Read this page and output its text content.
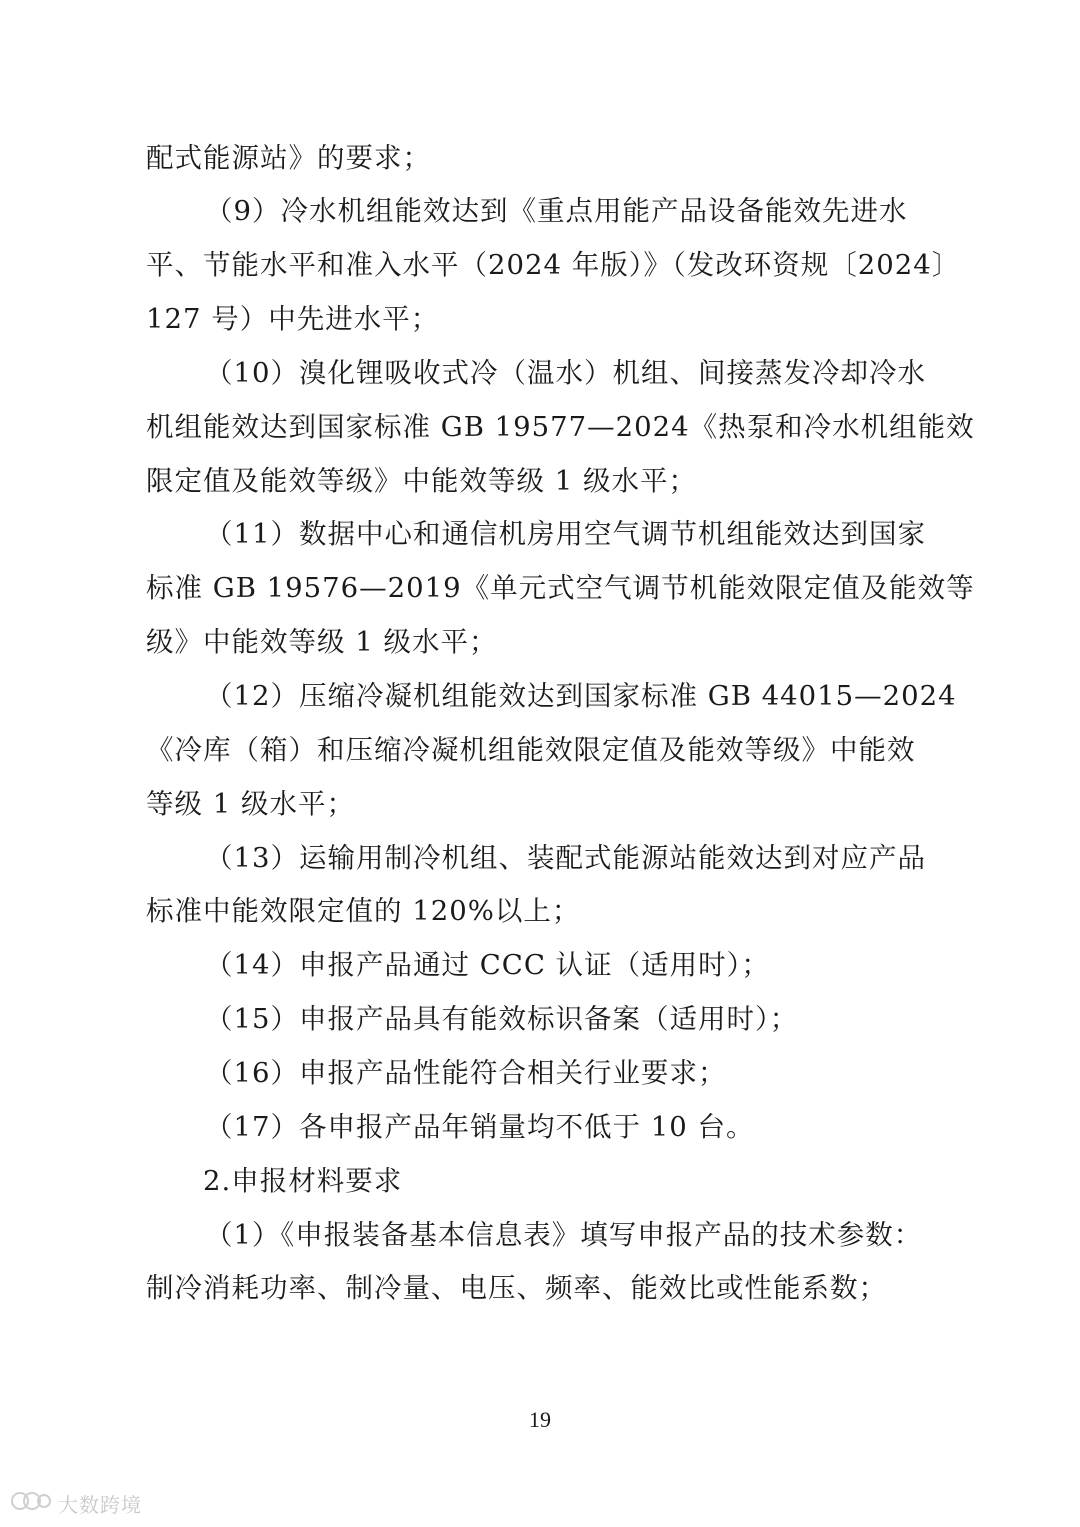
配式能源站》的要求；
（9）冷水机组能效达到《重点用能产品设备能效先进水
平、节能水平和准入水平（2024 年版）》（发改环资规〔2024〕
127 号）中先进水平；
（10）溴化锂吸收式冷（温水）机组、间接蒸发冷却冷水
机组能效达到国家标准 GB 19577—2024《热泵和冷水机组能效
限定值及能效等级》中能效等级 1 级水平；
（11）数据中心和通信机房用空气调节机组能效达到国家
标准 GB 19576—2019《单元式空气调节机能效限定值及能效等
级》中能效等级 1 级水平；
（12）压缩冷凝机组能效达到国家标准 GB 44015—2024
《冷库（箱）和压缩冷凝机组能效限定值及能效等级》中能效
等级 1 级水平；
（13）运输用制冷机组、装配式能源站能效达到对应产品
标准中能效限定值的 120%以上；
（14）申报产品通过 CCC 认证（适用时）；
（15）申报产品具有能效标识备案（适用时）；
（16）申报产品性能符合相关行业要求；
（17）各申报产品年销量均不低于 10 台。
2.申报材料要求
（1）《申报装备基本信息表》填写申报产品的技术参数：
制冷消耗功率、制冷量、电压、频率、能效比或性能系数；
19
大数跨境
